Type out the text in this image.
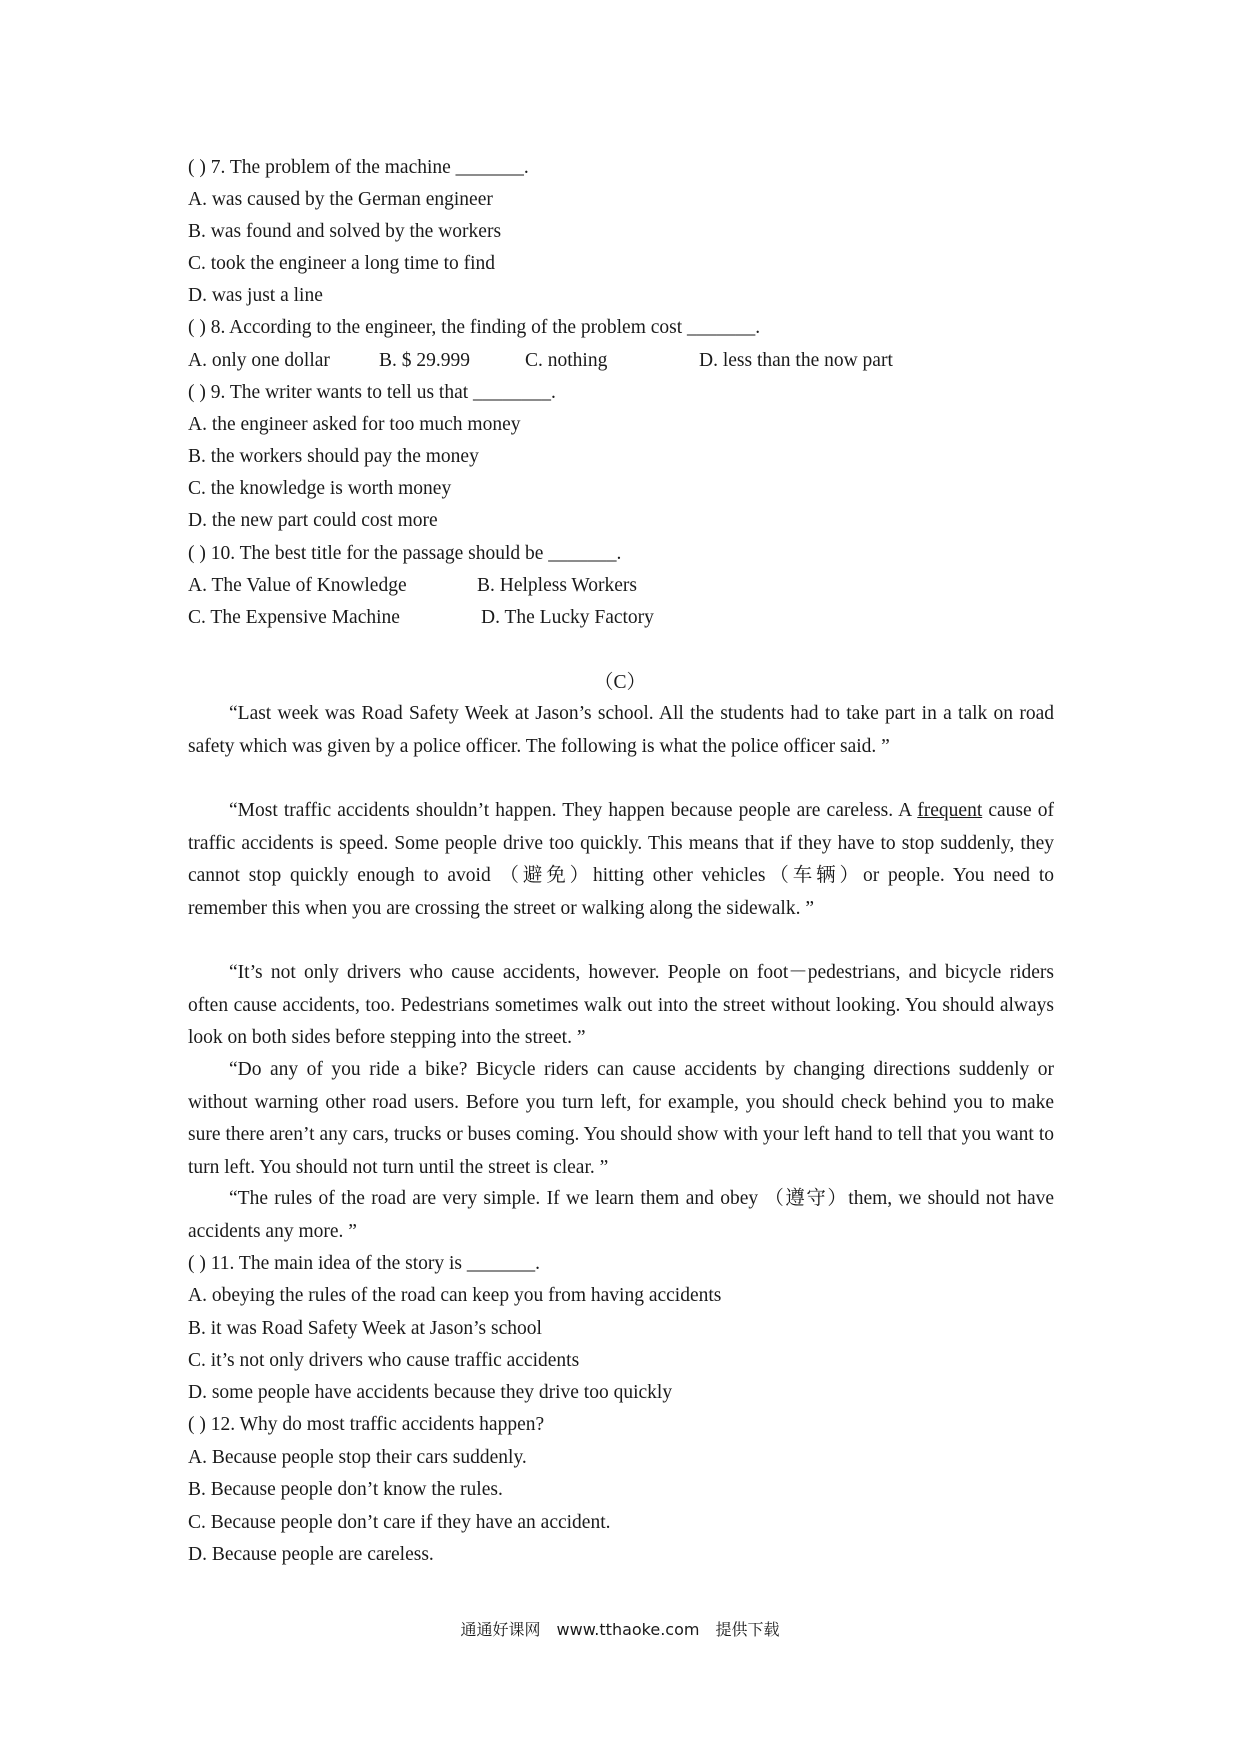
( ) 7. The problem of the machine _______.
A. was caused by the German engineer
B. was found and solved by the workers
C. took the engineer a long time to find
D. was just a line
( ) 8. According to the engineer, the finding of the problem cost _______.
A. only one dollar	B. $ 29.999	C. nothing	D. less than the now part
( ) 9. The writer wants to tell us that ________.
A. the engineer asked for too much money
B. the workers should pay the money
C. the knowledge is worth money
D. the new part could cost more
( ) 10. The best title for the passage should be _______.
A. The Value of Knowledge	B. Helpless Workers
C. The Expensive Machine	D. The Lucky Factory
（C）
“Last week was Road Safety Week at Jason’s school. All the students had to take part in a talk on road safety which was given by a police officer. The following is what the police officer said. ”
“Most traffic accidents shouldn’t happen. They happen because people are careless. A frequent cause of traffic accidents is speed. Some people drive too quickly. This means that if they have to stop suddenly, they cannot stop quickly enough to avoid （避免）hitting other vehicles（车辆）or people. You need to remember this when you are crossing the street or walking along the sidewalk. ”
“It’s not only drivers who cause accidents, however. People on foot－pedestrians, and bicycle riders often cause accidents, too. Pedestrians sometimes walk out into the street without looking. You should always look on both sides before stepping into the street. ”
“Do any of you ride a bike? Bicycle riders can cause accidents by changing directions suddenly or without warning other road users. Before you turn left, for example, you should check behind you to make sure there aren’t any cars, trucks or buses coming. You should show with your left hand to tell that you want to turn left. You should not turn until the street is clear. ”
“The rules of the road are very simple. If we learn them and obey （遵守）them, we should not have accidents any more. ”
( ) 11. The main idea of the story is _______.
A. obeying the rules of the road can keep you from having accidents
B. it was Road Safety Week at Jason’s school
C. it’s not only drivers who cause traffic accidents
D. some people have accidents because they drive too quickly
( ) 12. Why do most traffic accidents happen?
A. Because people stop their cars suddenly.
B. Because people don’t know the rules.
C. Because people don’t care if they have an accident.
D. Because people are careless.
通通好课网　www.tthaoke.com　提供下载
